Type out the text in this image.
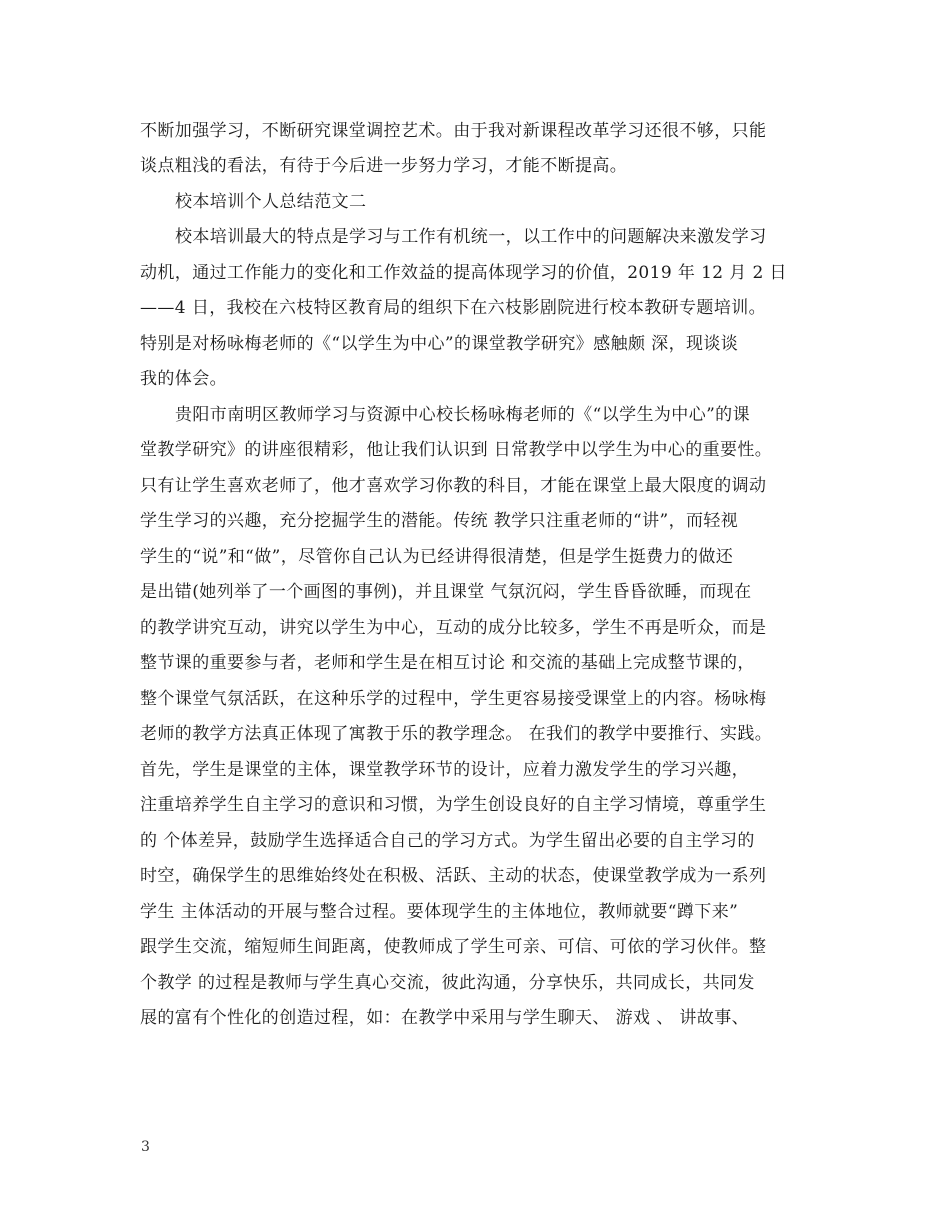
不断加强学习，不断研究课堂调控艺术。由于我对新课程改革学习还很不够，只能
谈点粗浅的看法，有待于今后进一步努力学习，才能不断提高。
校本培训个人总结范文二
校本培训最大的特点是学习与工作有机统一，以工作中的问题解决来激发学习
动机，通过工作能力的变化和工作效益的提高体现学习的价值，2019 年 12 月 2 日
——4 日，我校在六枝特区教育局的组织下在六枝影剧院进行校本教研专题培训。
特别是对杨咏梅老师的《“以学生为中心”的课堂教学研究》感触颇 深，现谈谈
我的体会。
贵阳市南明区教师学习与资源中心校长杨咏梅老师的《“以学生为中心”的课
堂教学研究》的讲座很精彩，他让我们认识到 日常教学中以学生为中心的重要性。
只有让学生喜欢老师了，他才喜欢学习你教的科目，才能在课堂上最大限度的调动
学生学习的兴趣，充分挖掘学生的潜能。传统 教学只注重老师的“讲”，而轻视
学生的“说”和“做”，尽管你自己认为已经讲得很清楚，但是学生挺费力的做还
是出错(她列举了一个画图的事例)，并且课堂 气氛沉闷，学生昏昏欲睡，而现在
的教学讲究互动，讲究以学生为中心，互动的成分比较多，学生不再是听众，而是
整节课的重要参与者，老师和学生是在相互讨论 和交流的基础上完成整节课的，
整个课堂气氛活跃，在这种乐学的过程中，学生更容易接受课堂上的内容。杨咏梅
老师的教学方法真正体现了寓教于乐的教学理念。 在我们的教学中要推行、实践。
首先，学生是课堂的主体，课堂教学环节的设计，应着力激发学生的学习兴趣，
注重培养学生自主学习的意识和习惯，为学生创设良好的自主学习情境，尊重学生
的 个体差异，鼓励学生选择适合自己的学习方式。为学生留出必要的自主学习的
时空，确保学生的思维始终处在积极、活跃、主动的状态，使课堂教学成为一系列
学生 主体活动的开展与整合过程。要体现学生的主体地位，教师就要“蹲下来”
跟学生交流，缩短师生间距离，使教师成了学生可亲、可信、可依的学习伙伴。整
个教学 的过程是教师与学生真心交流，彼此沟通，分享快乐，共同成长，共同发
展的富有个性化的创造过程，如：在教学中采用与学生聊天、 游戏 、 讲故事、
3
